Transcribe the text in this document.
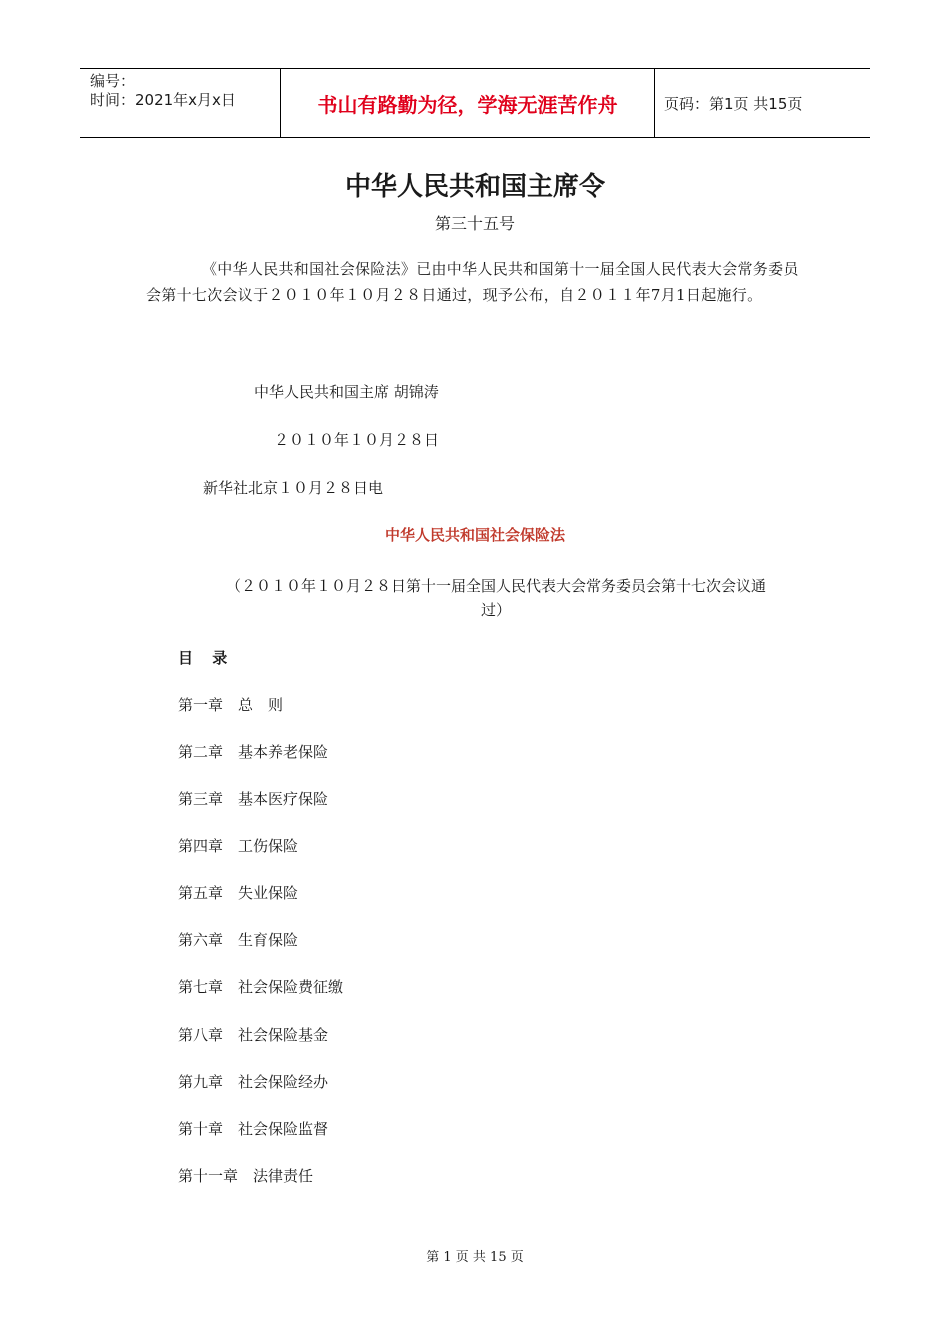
编号：
时间：2021年x月x日	书山有路勤为径，学海无涯苦作舟	页码：第1页 共15页
中华人民共和国主席令
第三十五号
《中华人民共和国社会保险法》已由中华人民共和国第十一届全国人民代表大会常务委员会第十七次会议于２０１０年１０月２８日通过，现予公布，自２０１１年7月1日起施行。
中华人民共和国主席 胡锦涛
２０１０年１０月２８日
新华社北京１０月２８日电
中华人民共和国社会保险法
（２０１０年１０月２８日第十一届全国人民代表大会常务委员会第十七次会议通
过）
目 录
第一章　总　则
第二章　基本养老保险
第三章　基本医疗保险
第四章　工伤保险
第五章　失业保险
第六章　生育保险
第七章　社会保险费征缴
第八章　社会保险基金
第九章　社会保险经办
第十章　社会保险监督
第十一章　法律责任
第 1 页 共 15 页
